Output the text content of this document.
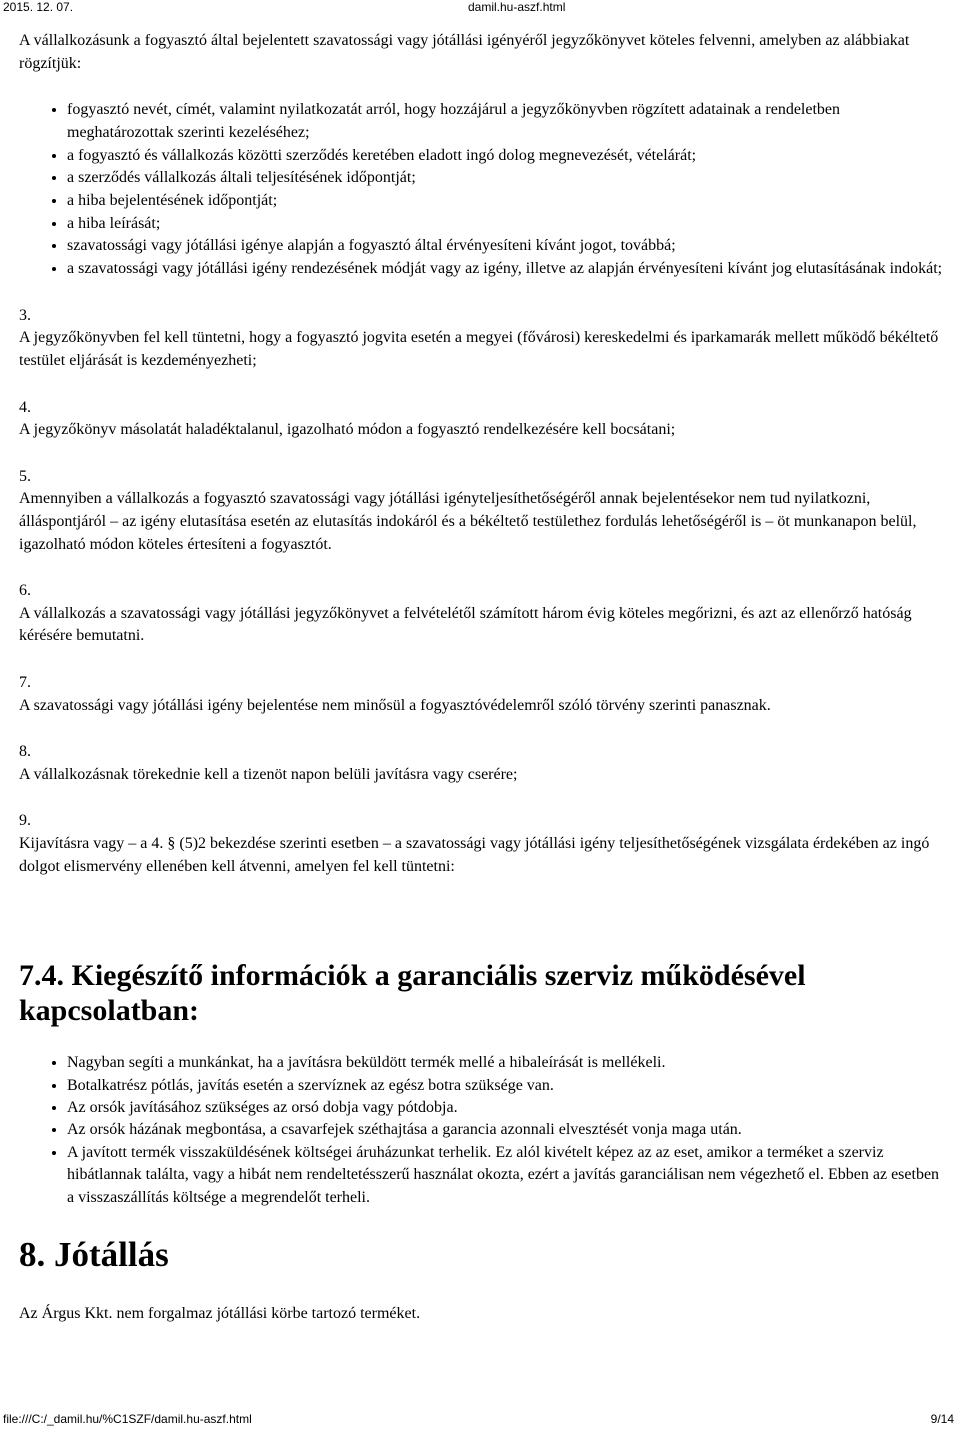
2015. 12. 07.	damil.hu-aszf.html

A vállalkozásunk a fogyasztó által bejelentett szavatossági vagy jótállási igényéről jegyzőkönyvet köteles felvenni, amelyben az alábbiakat rögzítjük:

• fogyasztó nevét, címét, valamint nyilatkozatát arról, hogy hozzájárul a jegyzőkönyvben rögzített adatainak a rendeletben meghatározottak szerinti kezeléséhez;
• a fogyasztó és vállalkozás közötti szerződés keretében eladott ingó dolog megnevezését, vételárát;
• a szerződés vállalkozás általi teljesítésének időpontját;
• a hiba bejelentésének időpontját;
• a hiba leírását;
• szavatossági vagy jótállási igénye alapján a fogyasztó által érvényesíteni kívánt jogot, továbbá;
• a szavatossági vagy jótállási igény rendezésének módját vagy az igény, illetve az alapján érvényesíteni kívánt jog elutasításának indokát;
3.

A jegyzőkönyvben fel kell tüntetni, hogy a fogyasztó jogvita esetén a megyei (fővárosi) kereskedelmi és iparkamarák mellett működő békéltető testület eljárását is kezdeményezheti;

4.

A jegyzőkönyv másolatát haladéktalanul, igazolható módon a fogyasztó rendelkezésére kell bocsátani;

5.

Amennyiben a vállalkozás a fogyasztó szavatossági vagy jótállási igényteljesíthetőségéről annak bejelentésekor nem tud nyilatkozni, álláspontjáról – az igény elutasítása esetén az elutasítás indokáról és a békéltető testülethez fordulás lehetőségéről is – öt munkanapon belül, igazolható módon köteles értesíteni a fogyasztót.

6.

A vállalkozás a szavatossági vagy jótállási jegyzőkönyvet a felvételétől számított három évig köteles megőrizni, és azt az ellenőrző hatóság kérésére bemutatni.

7.

A szavatossági vagy jótállási igény bejelentése nem minősül a fogyasztóvédelemről szóló törvény szerinti panasznak.

8.

A vállalkozásnak törekednie kell a tizenöt napon belüli javításra vagy cserére;

9.

Kijavításra vagy – a 4. § (5)2 bekezdése szerinti esetben – a szavatossági vagy jótállási igény teljesíthetőségének vizsgálata érdekében az ingó dolgot elismervény ellenében kell átvenni, amelyen fel kell tüntetni:

7.4. Kiegészítő információk a garanciális szerviz működésével kapcsolatban:
• Nagyban segíti a munkánkat, ha a javításra beküldött termék mellé a hibaleírását is mellékeli.
• Botalkatrész pótlás, javítás esetén a szervíznek az egész botra szüksége van.
• Az orsók javításához szükséges az orsó dobja vagy pótdobja.
• Az orsók házának megbontása, a csavarfejek széthajtása a garancia azonnali elvesztését vonja maga után.
• A javított termék visszaküldésének költségei áruházunkat terhelik. Ez alól kivételt képez az az eset, amikor a terméket a szerviz hibátlannak találta, vagy a hibát nem rendeltetésszerű használat okozta, ezért a javítás garanciálisan nem végezhető el. Ebben az esetben a visszaszállítás költsége a megrendelőt terheli.
8. Jótállás

Az Árgus Kkt. nem forgalmaz jótállási körbe tartozó terméket.

file:///C:/_damil.hu/%C1SZF/damil.hu-aszf.html	9/14
